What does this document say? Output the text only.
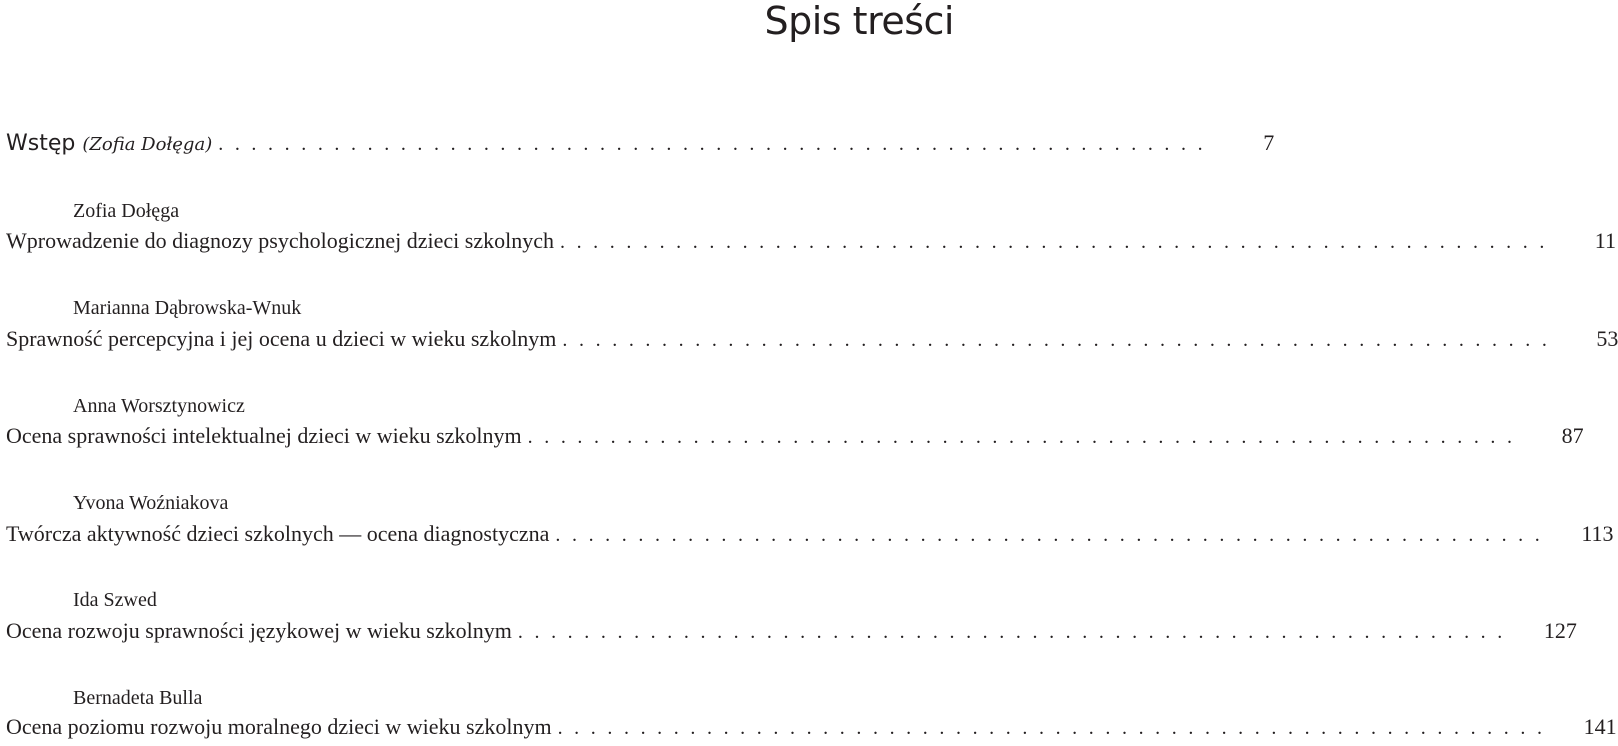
Spis treści
Wstęp (Zofia Dołęga) ............................................................	7
Zofia Dołęga
Wprowadzenie do diagnozy psychologicznej dzieci szkolnych ............................................................	11
Marianna Dąbrowska-Wnuk
Sprawność percepcyjna i jej ocena u dzieci w wieku szkolnym ............................................................	53
Anna Worsztynowicz
Ocena sprawności intelektualnej dzieci w wieku szkolnym ............................................................	87
Yvona Woźniakova
Twórcza aktywność dzieci szkolnych — ocena diagnostyczna ............................................................ 113
Ida Szwed
Ocena rozwoju sprawności językowej w wieku szkolnym ............................................................ 127
Bernadeta Bulla
Ocena poziomu rozwoju moralnego dzieci w wieku szkolnym ............................................................ 141
